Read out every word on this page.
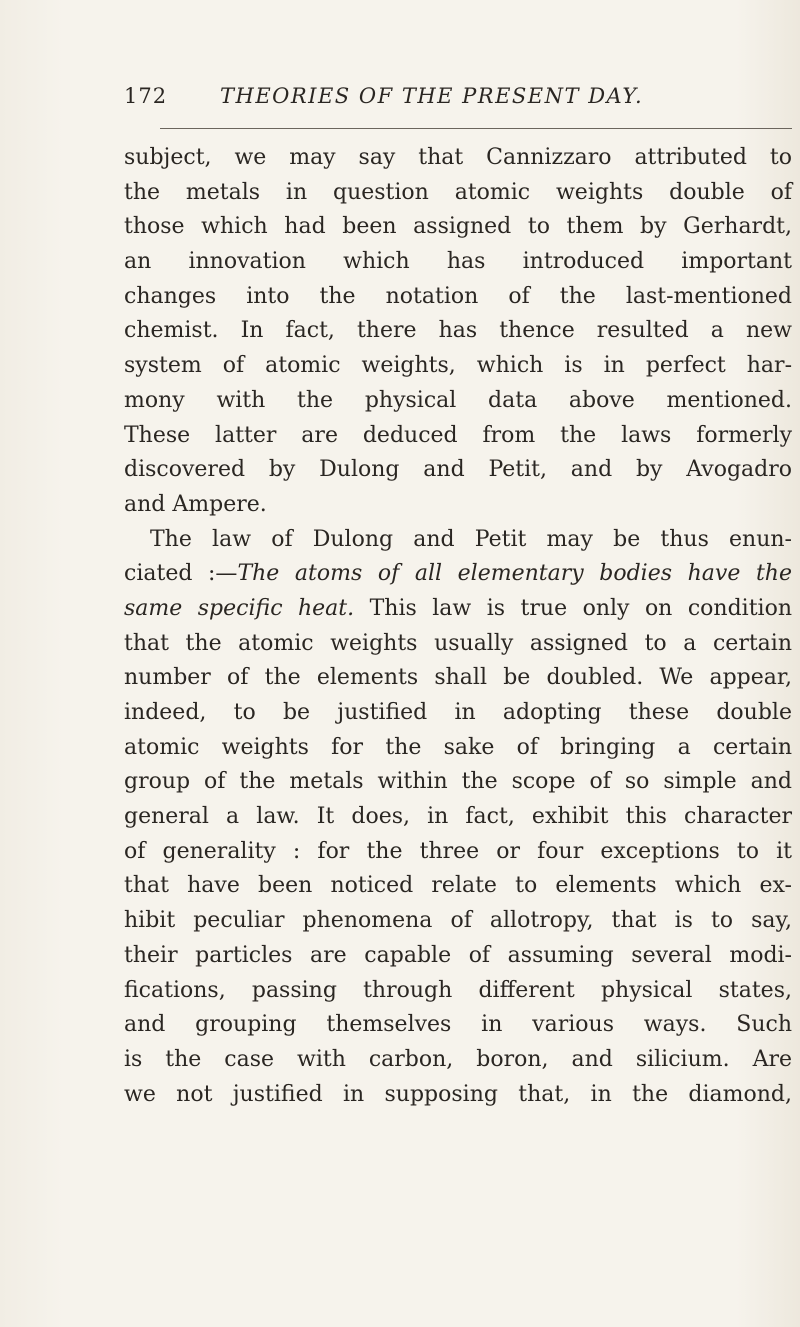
172	THEORIES OF THE PRESENT DAY.
subject, we may say that Cannizzaro attributed to
the metals in question atomic weights double of
those which had been assigned to them by Gerhardt,
an innovation which has introduced important
changes into the notation of the last-mentioned
chemist. In fact, there has thence resulted a new
system of atomic weights, which is in perfect har-
mony with the physical data above mentioned.
These latter are deduced from the laws formerly
discovered by Dulong and Petit, and by Avogadro
and Ampere.
The law of Dulong and Petit may be thus enun-
ciated :—The atoms of all elementary bodies have the
same specific heat. This law is true only on condition
that the atomic weights usually assigned to a certain
number of the elements shall be doubled. We appear,
indeed, to be justified in adopting these double
atomic weights for the sake of bringing a certain
group of the metals within the scope of so simple and
general a law. It does, in fact, exhibit this character
of generality : for the three or four exceptions to it
that have been noticed relate to elements which ex-
hibit peculiar phenomena of allotropy, that is to say,
their particles are capable of assuming several modi-
fications, passing through different physical states,
and grouping themselves in various ways. Such
is the case with carbon, boron, and silicium. Are
we not justified in supposing that, in the diamond,
